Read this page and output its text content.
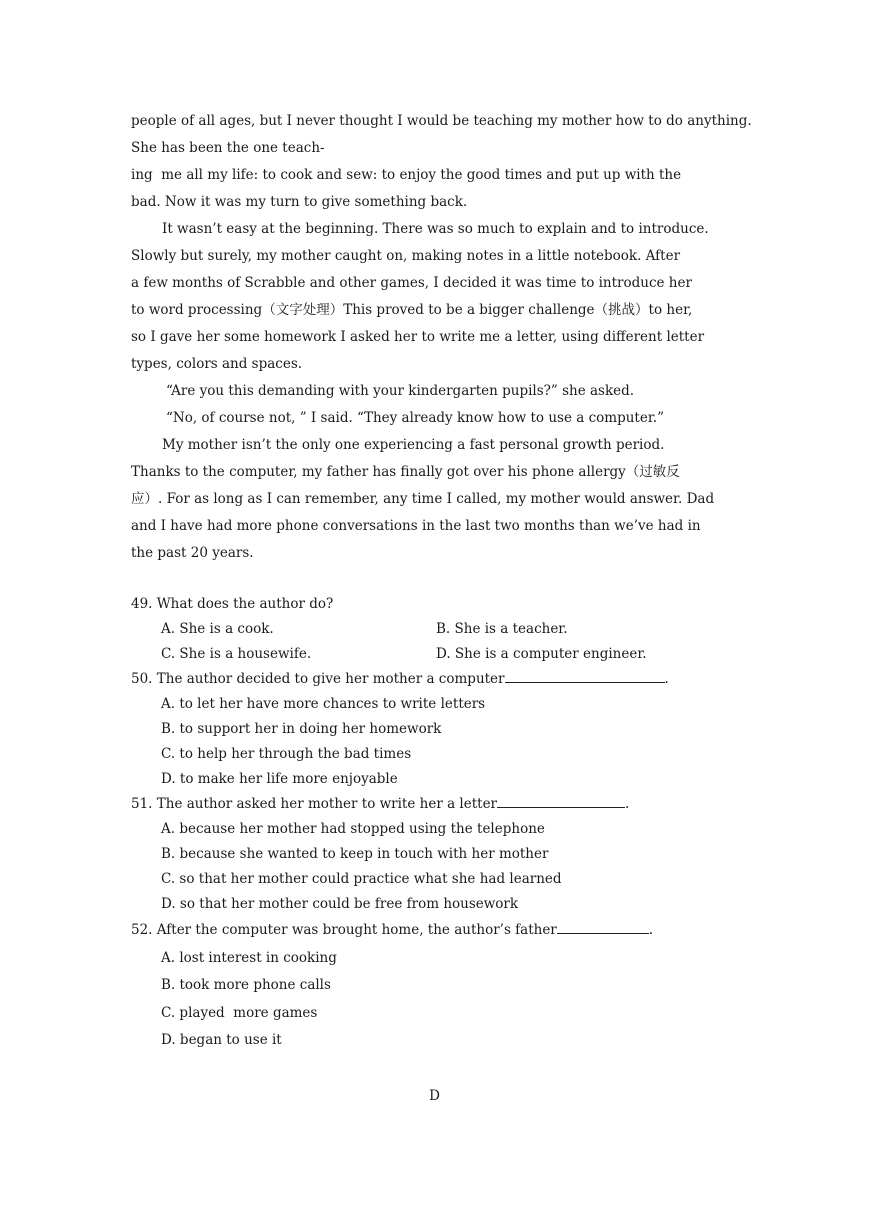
people of all ages, but I never thought I would be teaching my mother how to do anything.
She has been the one teach-
ing  me all my life: to cook and sew: to enjoy the good times and put up with the
bad. Now it was my turn to give something back.
It wasn’t easy at the beginning. There was so much to explain and to introduce.
Slowly but surely, my mother caught on, making notes in a little notebook. After
a few months of Scrabble and other games, I decided it was time to introduce her
to word processing（文字处理）This proved to be a bigger challenge（挑战）to her,
so I gave her some homework I asked her to write me a letter, using different letter
types, colors and spaces.
“Are you this demanding with your kindergarten pupils?” she asked.
“No, of course not, ” I said. “They already know how to use a computer.”
My mother isn’t the only one experiencing a fast personal growth period.
Thanks to the computer, my father has finally got over his phone allergy（过敏反
应）. For as long as I can remember, any time I called, my mother would answer. Dad
and I have had more phone conversations in the last two months than we’ve had in
the past 20 years.
49. What does the author do?
A. She is a cook.	B. She is a teacher.
C. She is a housewife.	D. She is a computer engineer.
50. The author decided to give her mother a computer	.
A. to let her have more chances to write letters
B. to support her in doing her homework
C. to help her through the bad times
D. to make her life more enjoyable
51. The author asked her mother to write her a letter	.
A. because her mother had stopped using the telephone
B. because she wanted to keep in touch with her mother
C. so that her mother could practice what she had learned
D. so that her mother could be free from housework
52. After the computer was brought home, the author’s father	.
A. lost interest in cooking
B. took more phone calls
C. played  more games
D. began to use it
D
